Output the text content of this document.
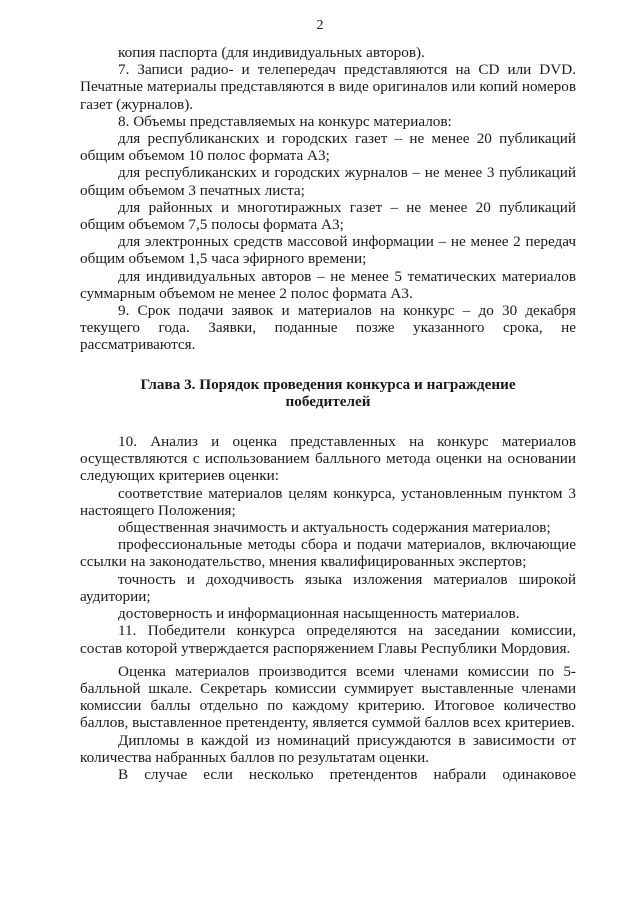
2

копия паспорта (для индивидуальных авторов).

7. Записи радио- и телепередач представляются на CD или DVD. Печатные материалы представляются в виде оригиналов или копий номеров газет (журналов).

8. Объемы представляемых на конкурс материалов:

для республиканских и городских газет – не менее 20 публикаций общим объемом 10 полос формата А3;

для республиканских и городских журналов – не менее 3 публикаций общим объемом 3 печатных листа;

для районных и многотиражных газет – не менее 20 публикаций общим объемом 7,5 полосы формата А3;

для электронных средств массовой информации – не менее 2 передач общим объемом 1,5 часа эфирного времени;

для индивидуальных авторов – не менее 5 тематических материалов суммарным объемом не менее 2 полос формата А3.

9. Срок подачи заявок и материалов на конкурс – до 30 декабря текущего года. Заявки, поданные позже указанного срока, не рассматриваются.

Глава 3. Порядок проведения конкурса и награждение победителей

10. Анализ и оценка представленных на конкурс материалов осуществляются с использованием балльного метода оценки на основании следующих критериев оценки:

соответствие материалов целям конкурса, установленным пунктом 3 настоящего Положения;

общественная значимость и актуальность содержания материалов;

профессиональные методы сбора и подачи материалов, включающие ссылки на законодательство, мнения квалифицированных экспертов;

точность и доходчивость языка изложения материалов широкой аудитории;

достоверность и информационная насыщенность материалов.

11. Победители конкурса определяются на заседании комиссии, состав которой утверждается распоряжением Главы Республики Мордовия.

Оценка материалов производится всеми членами комиссии по 5-балльной шкале. Секретарь комиссии суммирует выставленные членами комиссии баллы отдельно по каждому критерию. Итоговое количество баллов, выставленное претенденту, является суммой баллов всех критериев.

Дипломы в каждой из номинаций присуждаются в зависимости от количества набранных баллов по результатам оценки.

В случае если несколько претендентов набрали одинаковое
